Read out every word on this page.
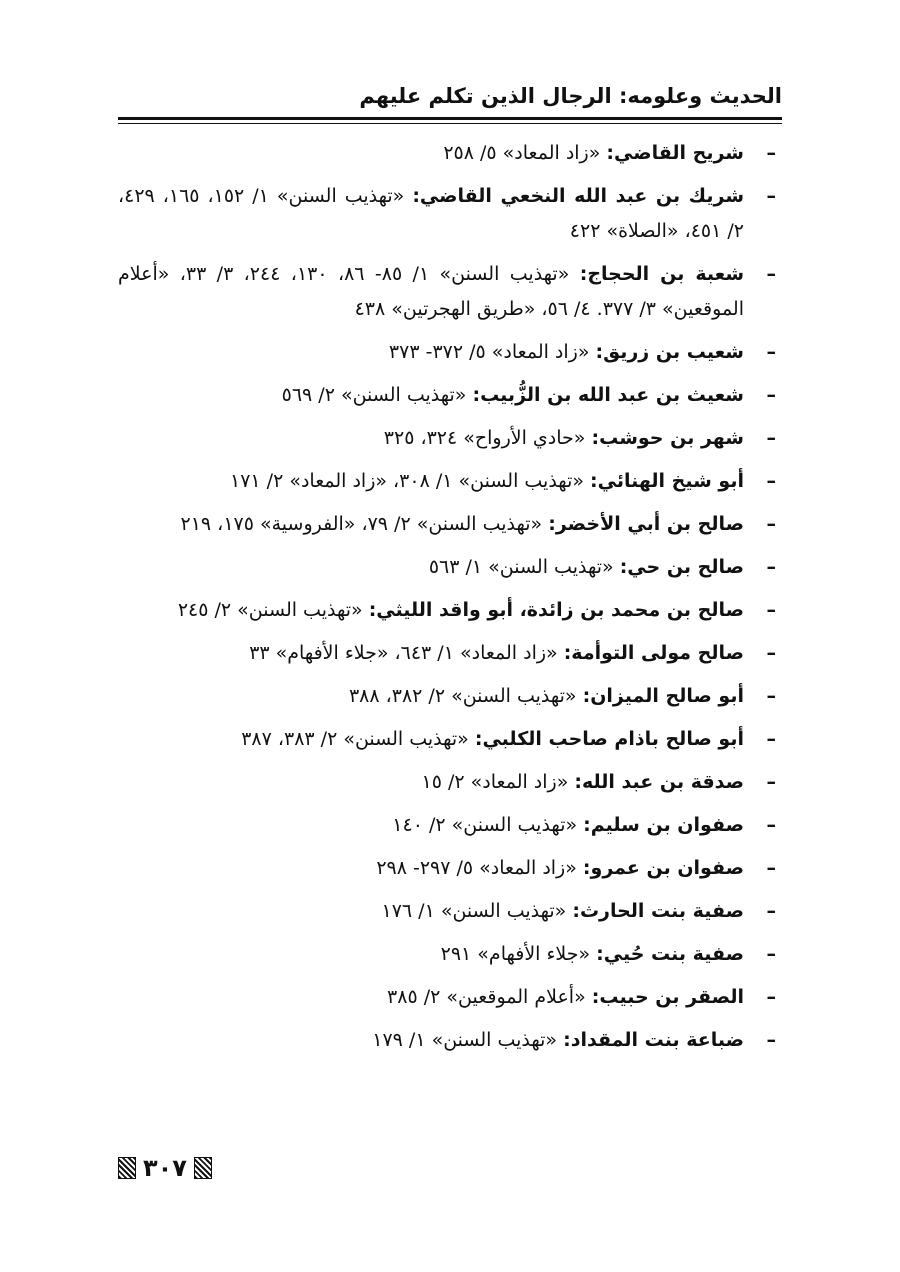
الحديث وعلومه: الرجال الذين تكلم عليهم
–
شريح القاضي: «زاد المعاد» ٥/ ٢٥٨
–
شريك بن عبد الله النخعي القاضي: «تهذيب السنن» ١/ ١٥٢، ١٦٥، ٤٢٩، ٢/ ٤٥١، «الصلاة» ٤٢٢
–
شعبة بن الحجاج: «تهذيب السنن» ١/ ٨٥- ٨٦، ١٣٠، ٢٤٤، ٣/ ٣٣، «أعلام الموقعين» ٣/ ٣٧٧. ٤/ ٥٦، «طريق الهجرتين» ٤٣٨
–
شعيب بن زريق: «زاد المعاد» ٥/ ٣٧٢- ٣٧٣
–
شعيث بن عبد الله بن الزُّبيب: «تهذيب السنن» ٢/ ٥٦٩
–
شهر بن حوشب: «حادي الأرواح» ٣٢٤، ٣٢٥
–
أبو شيخ الهنائي: «تهذيب السنن» ١/ ٣٠٨، «زاد المعاد» ٢/ ١٧١
–
صالح بن أبي الأخضر: «تهذيب السنن» ٢/ ٧٩، «الفروسية» ١٧٥، ٢١٩
–
صالح بن حي: «تهذيب السنن» ١/ ٥٦٣
–
صالح بن محمد بن زائدة، أبو واقد الليثي: «تهذيب السنن» ٢/ ٢٤٥
–
صالح مولى التوأمة: «زاد المعاد» ١/ ٦٤٣، «جلاء الأفهام» ٣٣
–
أبو صالح الميزان: «تهذيب السنن» ٢/ ٣٨٢، ٣٨٨
–
أبو صالح باذام صاحب الكلبي: «تهذيب السنن» ٢/ ٣٨٣، ٣٨٧
–
صدقة بن عبد الله: «زاد المعاد» ٢/ ١٥
–
صفوان بن سليم: «تهذيب السنن» ٢/ ١٤٠
–
صفوان بن عمرو: «زاد المعاد» ٥/ ٢٩٧- ٢٩٨
–
صفية بنت الحارث: «تهذيب السنن» ١/ ١٧٦
–
صفية بنت حُيي: «جلاء الأفهام» ٢٩١
–
الصقر بن حبيب: «أعلام الموقعين» ٢/ ٣٨٥
–
ضباعة بنت المقداد: «تهذيب السنن» ١/ ١٧٩
٣٠٧
